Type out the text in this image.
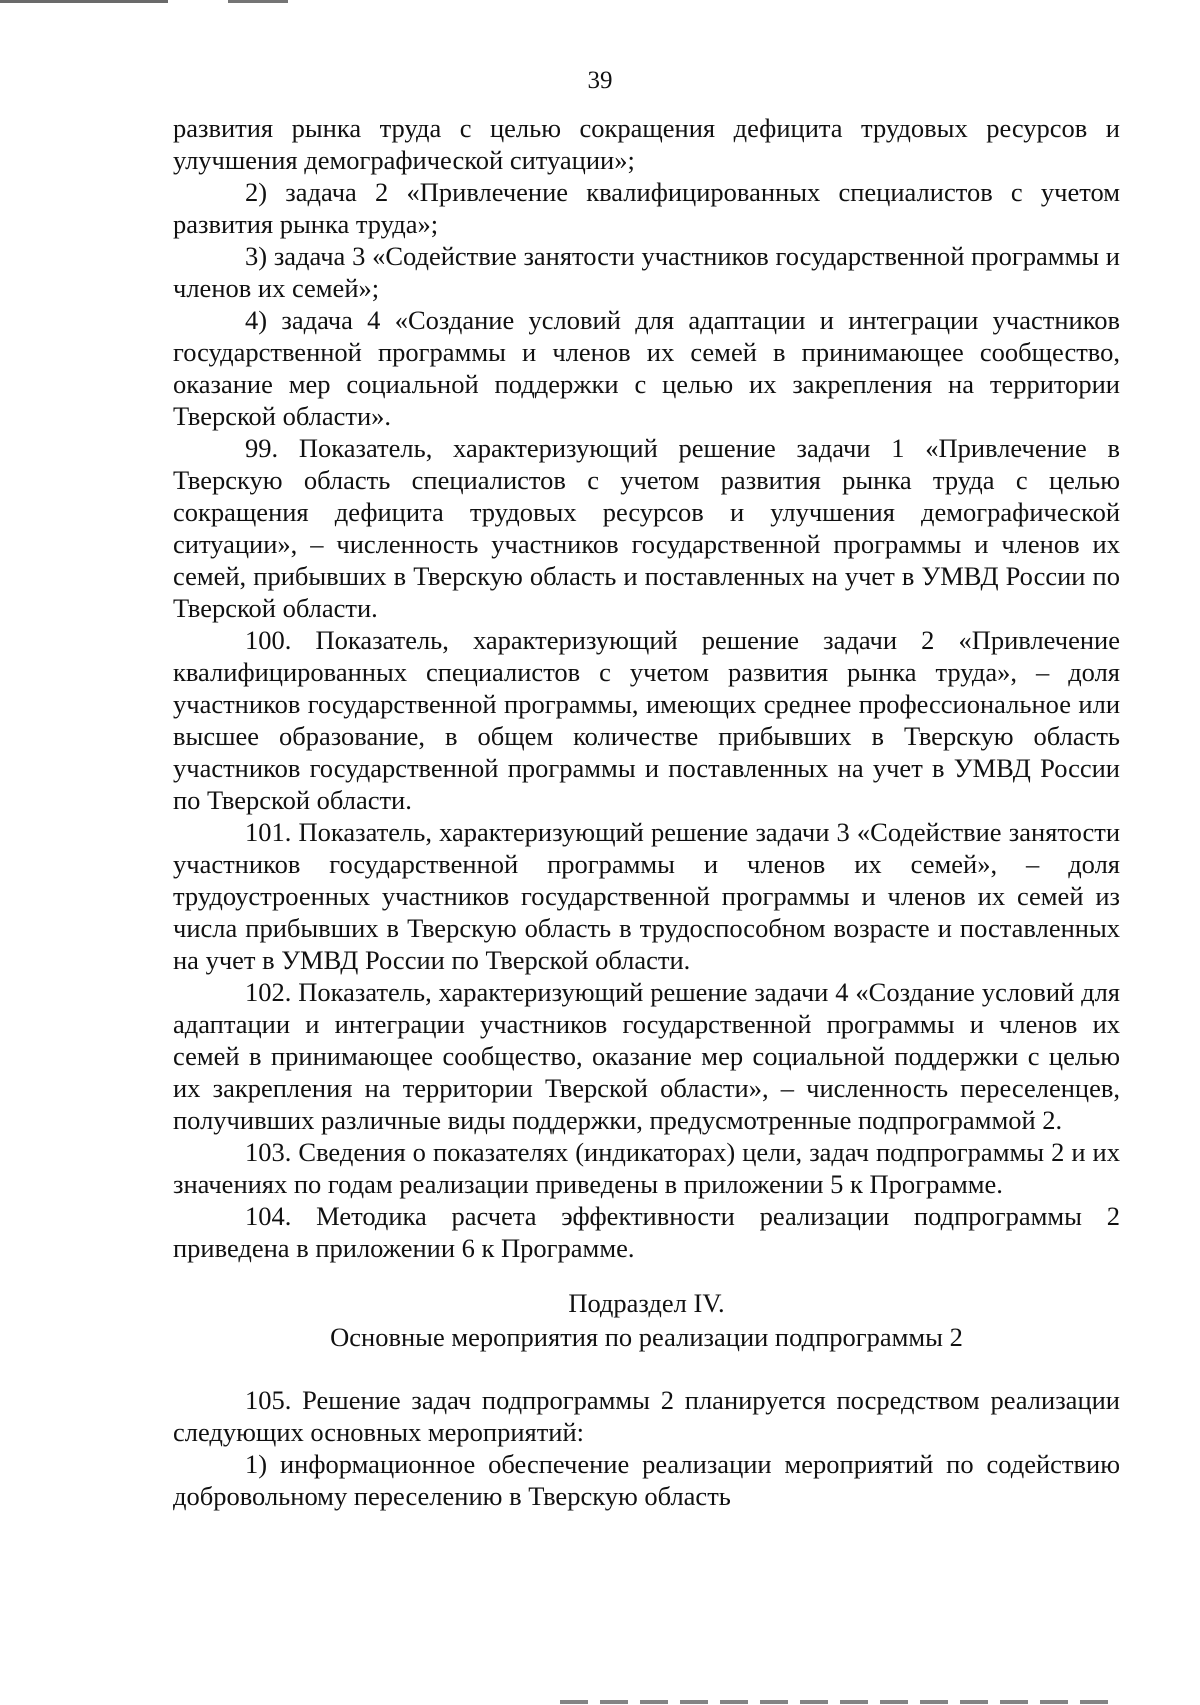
39

развития рынка труда с целью сокращения дефицита трудовых ресурсов и улучшения демографической ситуации»;

2) задача 2 «Привлечение квалифицированных специалистов с учетом развития рынка труда»;

3) задача 3 «Содействие занятости участников государственной программы и членов их семей»;

4) задача 4 «Создание условий для адаптации и интеграции участников государственной программы и членов их семей в принимающее сообщество, оказание мер социальной поддержки с целью их закрепления на территории Тверской области».

99. Показатель, характеризующий решение задачи 1 «Привлечение в Тверскую область специалистов с учетом развития рынка труда с целью сокращения дефицита трудовых ресурсов и улучшения демографической ситуации», – численность участников государственной программы и членов их семей, прибывших в Тверскую область и поставленных на учет в УМВД России по Тверской области.

100. Показатель, характеризующий решение задачи 2 «Привлечение квалифицированных специалистов с учетом развития рынка труда», – доля участников государственной программы, имеющих среднее профессиональное или высшее образование, в общем количестве прибывших в Тверскую область участников государственной программы и поставленных на учет в УМВД России по Тверской области.

101. Показатель, характеризующий решение задачи 3 «Содействие занятости участников государственной программы и членов их семей», – доля трудоустроенных участников государственной программы и членов их семей из числа прибывших в Тверскую область в трудоспособном возрасте и поставленных на учет в УМВД России по Тверской области.

102. Показатель, характеризующий решение задачи 4 «Создание условий для адаптации и интеграции участников государственной программы и членов их семей в принимающее сообщество, оказание мер социальной поддержки с целью их закрепления на территории Тверской области», – численность переселенцев, получивших различные виды поддержки, предусмотренные подпрограммой 2.

103. Сведения о показателях (индикаторах) цели, задач подпрограммы 2 и их значениях по годам реализации приведены в приложении 5 к Программе.

104. Методика расчета эффективности реализации подпрограммы 2 приведена в приложении 6 к Программе.

Подраздел IV.

Основные мероприятия по реализации подпрограммы 2

105. Решение задач подпрограммы 2 планируется посредством реализации следующих основных мероприятий:

1) информационное обеспечение реализации мероприятий по содействию добровольному переселению в Тверскую область
